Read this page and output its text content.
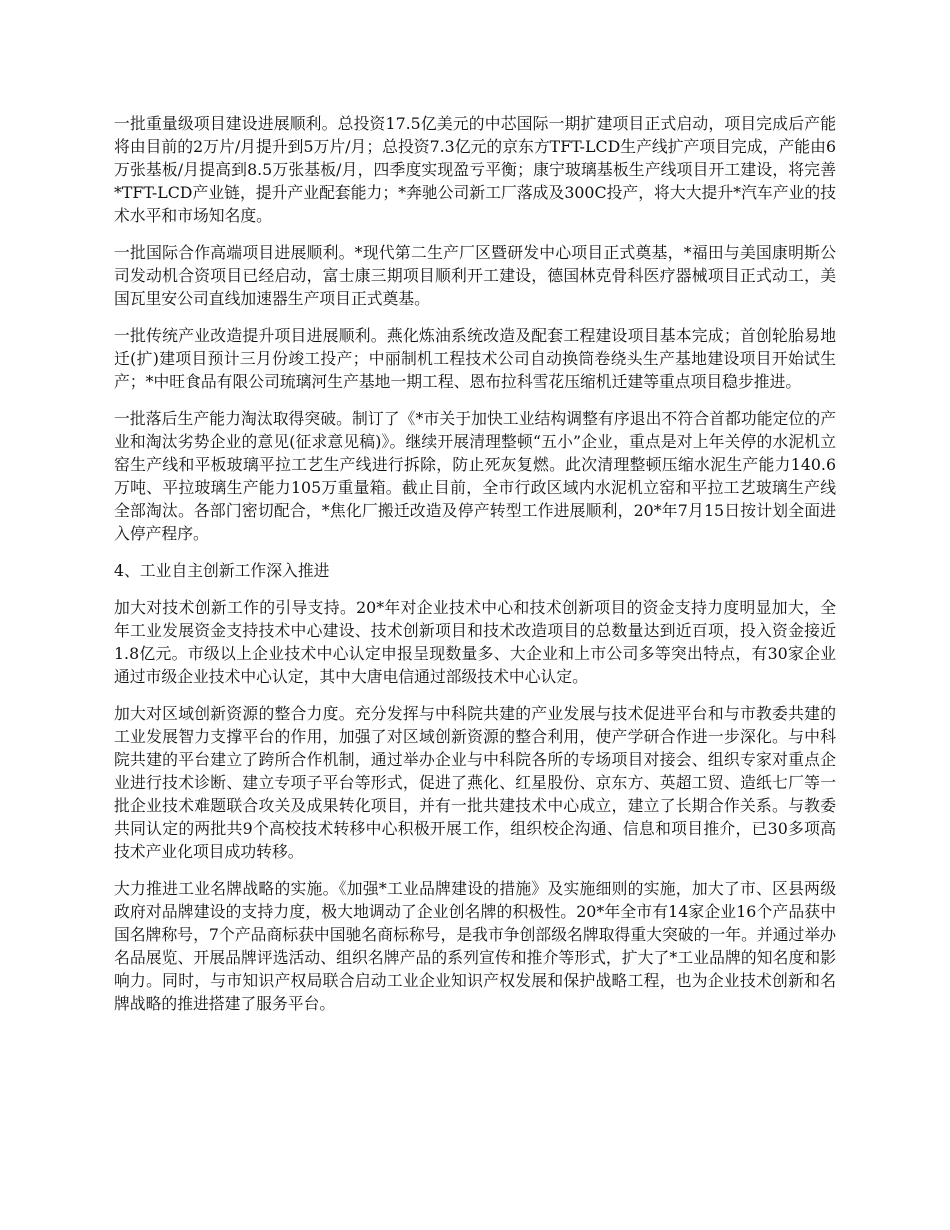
一批重量级项目建设进展顺利。总投资17.5亿美元的中芯国际一期扩建项目正式启动，项目完成后产能将由目前的2万片/月提升到5万片/月；总投资7.3亿元的京东方TFT-LCD生产线扩产项目完成，产能由6万张基板/月提高到8.5万张基板/月，四季度实现盈亏平衡；康宁玻璃基板生产线项目开工建设，将完善*TFT-LCD产业链，提升产业配套能力；*奔驰公司新工厂落成及300C投产，将大大提升*汽车产业的技术水平和市场知名度。

一批国际合作高端项目进展顺利。*现代第二生产厂区暨研发中心项目正式奠基，*福田与美国康明斯公司发动机合资项目已经启动，富士康三期项目顺利开工建设，德国林克骨科医疗器械项目正式动工，美国瓦里安公司直线加速器生产项目正式奠基。

一批传统产业改造提升项目进展顺利。燕化炼油系统改造及配套工程建设项目基本完成；首创轮胎易地迁(扩)建项目预计三月份竣工投产；中丽制机工程技术公司自动换筒卷绕头生产基地建设项目开始试生产；*中旺食品有限公司琉璃河生产基地一期工程、恩布拉科雪花压缩机迁建等重点项目稳步推进。

一批落后生产能力淘汰取得突破。制订了《*市关于加快工业结构调整有序退出不符合首都功能定位的产业和淘汰劣势企业的意见(征求意见稿)》。继续开展清理整顿“五小”企业，重点是对上年关停的水泥机立窑生产线和平板玻璃平拉工艺生产线进行拆除，防止死灰复燃。此次清理整顿压缩水泥生产能力140.6万吨、平拉玻璃生产能力105万重量箱。截止目前，全市行政区域内水泥机立窑和平拉工艺玻璃生产线全部淘汰。各部门密切配合，*焦化厂搬迁改造及停产转型工作进展顺利，20*年7月15日按计划全面进入停产程序。

4、工业自主创新工作深入推进

加大对技术创新工作的引导支持。20*年对企业技术中心和技术创新项目的资金支持力度明显加大，全年工业发展资金支持技术中心建设、技术创新项目和技术改造项目的总数量达到近百项，投入资金接近1.8亿元。市级以上企业技术中心认定申报呈现数量多、大企业和上市公司多等突出特点，有30家企业通过市级企业技术中心认定，其中大唐电信通过部级技术中心认定。

加大对区域创新资源的整合力度。充分发挥与中科院共建的产业发展与技术促进平台和与市教委共建的工业发展智力支撑平台的作用，加强了对区域创新资源的整合利用，使产学研合作进一步深化。与中科院共建的平台建立了跨所合作机制，通过举办企业与中科院各所的专场项目对接会、组织专家对重点企业进行技术诊断、建立专项子平台等形式，促进了燕化、红星股份、京东方、英超工贸、造纸七厂等一批企业技术难题联合攻关及成果转化项目，并有一批共建技术中心成立，建立了长期合作关系。与教委共同认定的两批共9个高校技术转移中心积极开展工作，组织校企沟通、信息和项目推介，已30多项高技术产业化项目成功转移。

大力推进工业名牌战略的实施。《加强*工业品牌建设的措施》及实施细则的实施，加大了市、区县两级政府对品牌建设的支持力度，极大地调动了企业创名牌的积极性。20*年全市有14家企业16个产品获中国名牌称号，7个产品商标获中国驰名商标称号，是我市争创部级名牌取得重大突破的一年。并通过举办名品展览、开展品牌评选活动、组织名牌产品的系列宣传和推介等形式，扩大了*工业品牌的知名度和影响力。同时，与市知识产权局联合启动工业企业知识产权发展和保护战略工程，也为企业技术创新和名牌战略的推进搭建了服务平台。
